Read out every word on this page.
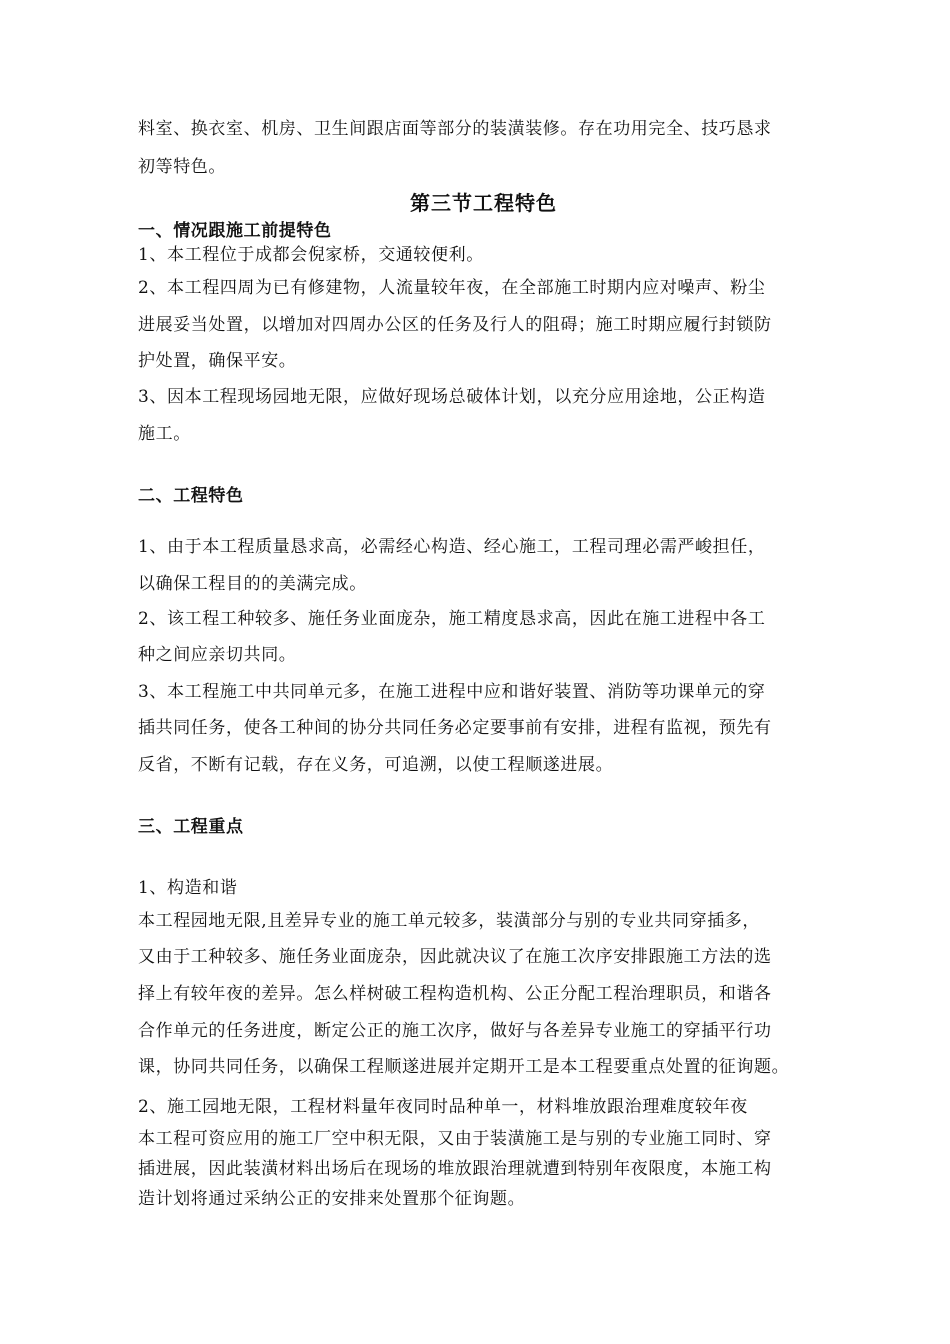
料室、换衣室、机房、卫生间跟店面等部分的装潢装修。存在功用完全、技巧恳求
初等特色。
第三节工程特色
一、情况跟施工前提特色
1、本工程位于成都会倪家桥，交通较便利。
2、本工程四周为已有修建物，人流量较年夜，在全部施工时期内应对噪声、粉尘
进展妥当处置，以增加对四周办公区的任务及行人的阻碍；施工时期应履行封锁防
护处置，确保平安。
3、因本工程现场园地无限，应做好现场总破体计划，以充分应用途地，公正构造
施工。
二、工程特色
1、由于本工程质量恳求高，必需经心构造、经心施工，工程司理必需严峻担任，
以确保工程目的的美满完成。
2、该工程工种较多、施任务业面庞杂，施工精度恳求高，因此在施工进程中各工
种之间应亲切共同。
3、本工程施工中共同单元多，在施工进程中应和谐好装置、消防等功课单元的穿
插共同任务，使各工种间的协分共同任务必定要事前有安排，进程有监视，预先有
反省，不断有记载，存在义务，可追溯，以使工程顺遂进展。
三、工程重点
1、构造和谐
本工程园地无限,且差异专业的施工单元较多，装潢部分与别的专业共同穿插多，
又由于工种较多、施任务业面庞杂，因此就决议了在施工次序安排跟施工方法的选
择上有较年夜的差异。怎么样树破工程构造机构、公正分配工程治理职员，和谐各
合作单元的任务进度，断定公正的施工次序，做好与各差异专业施工的穿插平行功
课，协同共同任务，以确保工程顺遂进展并定期开工是本工程要重点处置的征询题。
2、施工园地无限，工程材料量年夜同时品种单一，材料堆放跟治理难度较年夜
本工程可资应用的施工厂空中积无限，又由于装潢施工是与别的专业施工同时、穿
插进展，因此装潢材料出场后在现场的堆放跟治理就遭到特别年夜限度，本施工构
造计划将通过采纳公正的安排来处置那个征询题。
